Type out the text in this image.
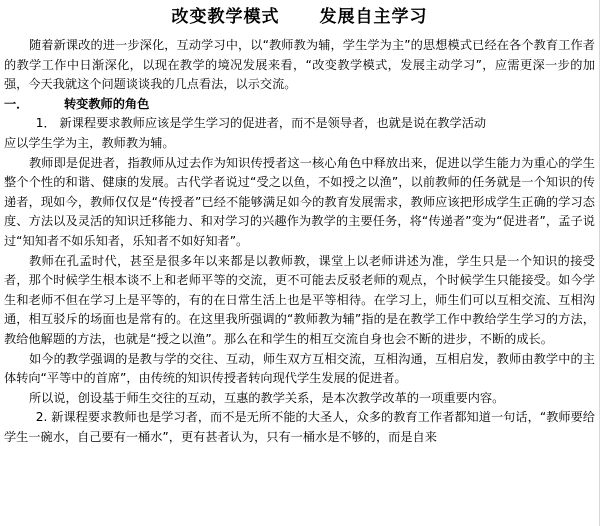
改变教学模式 发展自主学习

随着新课改的进一步深化，互动学习中，以“教师教为辅，学生学为主”的思想模式已经在各个教育工作者的教学工作中日渐深化，以现在教学的境况发展来看，“改变教学模式，发展主动学习”，应需更深一步的加强，今天我就这个问题谈谈我的几点看法，以示交流。

一．	转变教师的角色

1． 新课程要求教师应该是学生学习的促进者，而不是领导者，也就是说在教学活动

应以学生学为主，教师教为辅。

教师即是促进者，指教师从过去作为知识传授者这一核心角色中释放出来，促进以学生能力为重心的学生整个个性的和谐、健康的发展。古代学者说过“受之以鱼，不如授之以渔”，以前教师的任务就是一个知识的传递者，现如今，教师仅仅是“传授者”已经不能够满足如今的教育发展需求，教师应该把形成学生正确的学习态度、方法以及灵活的知识迁移能力、和对学习的兴趣作为教学的主要任务，将“传递者”变为“促进者”，孟子说过“知知者不如乐知者，乐知者不如好知者”。

教师在孔孟时代，甚至是很多年以来都是以教师教，课堂上以老师讲述为准，学生只是一个知识的接受者，那个时候学生根本谈不上和老师平等的交流，更不可能去反驳老师的观点，个时候学生只能接受。如今学生和老师不但在学习上是平等的，有的在日常生活上也是平等相待。在学习上，师生们可以互相交流、互相沟通，相互驳斥的场面也是常有的。在这里我所强调的“教师教为辅”指的是在教学工作中教给学生学习的方法，教给他解题的方法，也就是“授之以渔”。那么在和学生的相互交流自身也会不断的进步，不断的成长。

如今的教学强调的是教与学的交往、互动，师生双方互相交流，互相沟通，互相启发，教师由教学中的主体转向“平等中的首席”，由传统的知识传授者转向现代学生发展的促进者。

所以说，创设基于师生交往的互动，互惠的教学关系，是本次教学改革的一项重要内容。

2. 新课程要求教师也是学习者，而不是无所不能的大圣人，众多的教育工作者都知道一句话，“教师要给学生一碗水，自己要有一桶水”，更有甚者认为，只有一桶水是不够的，而是自来
